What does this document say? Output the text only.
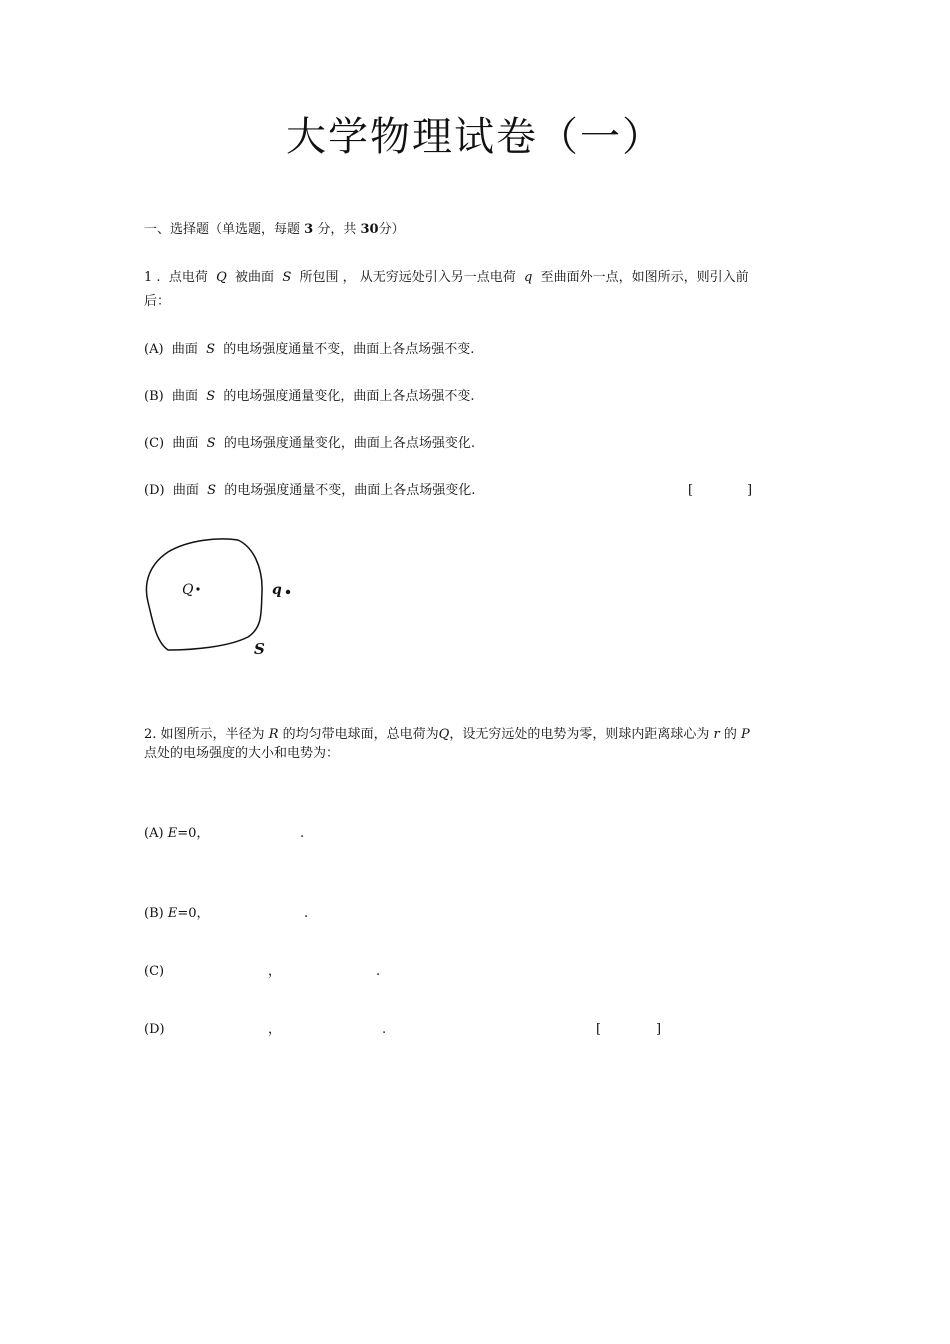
大学物理试卷（一）
一、选择题（单选题，每题 3 分，共 30分）
1 . 点电荷 Q 被曲面 S 所包围 ， 从无穷远处引入另一点电荷 q 至曲面外一点，如图所示，则引入前
后：
(A) 曲面 S 的电场强度通量不变，曲面上各点场强不变.
(B) 曲面 S 的电场强度通量变化，曲面上各点场强不变.
(C) 曲面 S 的电场强度通量变化，曲面上各点场强变化.
(D) 曲面 S 的电场强度通量不变，曲面上各点场强变化.	[	]
Q	q
S
2. 如图所示，半径为 R 的均匀带电球面，总电荷为Q，设无穷远处的电势为零，则球内距离球心为 r 的 P
点处的电场强度的大小和电势为：
(A) E=0，	.
(B) E=0，	.
(C)	，	.
(D)	，	.	[	]
